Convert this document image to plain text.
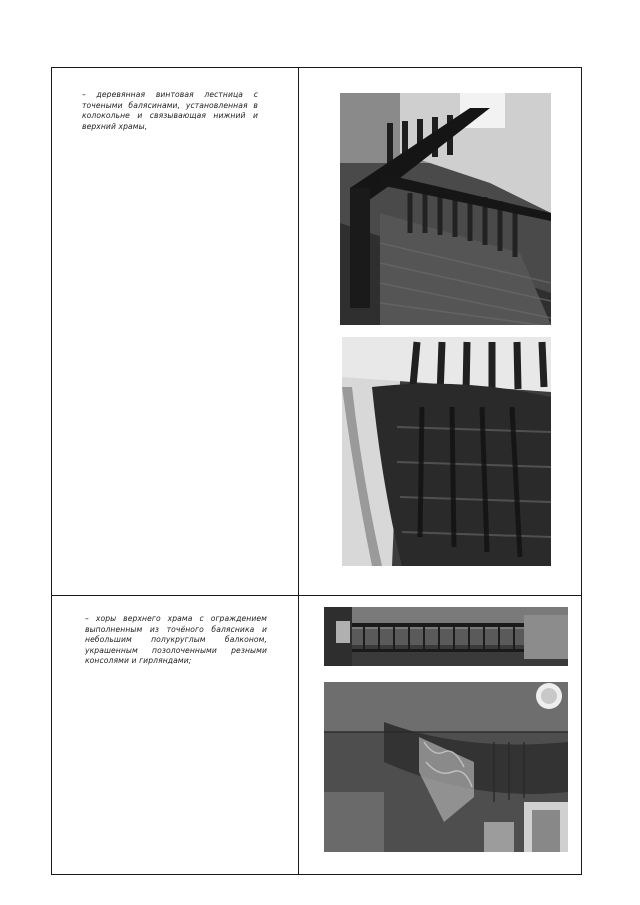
– деревянная винтовая лестница с точеными балясинами, установленная в колокольне и связывающая нижний и верхний храмы,
– хоры верхнего храма с ограждением выполненным из точёного балясника и небольшим полукруглым балконом, украшенным позолоченными резными консолями и гирляндами;
